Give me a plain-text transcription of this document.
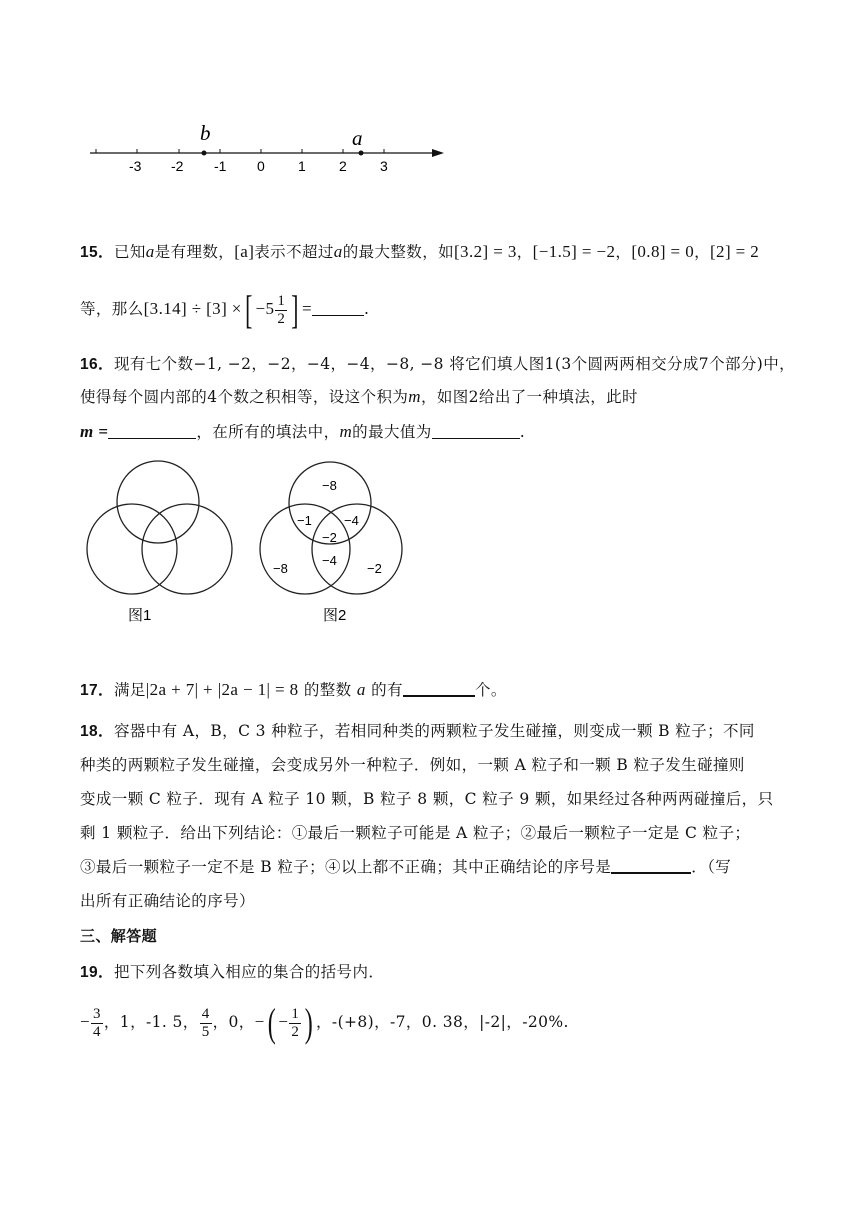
b	a
-3 -2 -1 0 1 2 3
15．已知a是有理数，[a]表示不超过a的最大整数，如[3.2] = 3，[−1.5] = −2，[0.8] = 0，[2] = 2
等，那么[3.14] ÷ [3] ×[ $-5 \frac{1}{2}$ ] =	.
16．现有七个数−1, −2，−2，−4，−4，−8, −8 将它们填人图1(3个圆两两相交分成7个部分)中，
使得每个圆内部的4个数之积相等，设这个积为m，如图2给出了一种填法，此时
m =	，在所有的填法中，m的最大值为	.
图1
−8
−1 −4
−2
−8
−4
−2
图2
17．满足|2a + 7| + |2a − 1| = 8 的整数 a 的有	个。
18．容器中有 A，B，C 3 种粒子，若相同种类的两颗粒子发生碰撞，则变成一颗 B 粒子；不同
种类的两颗粒子发生碰撞，会变成另外一种粒子．例如，一颗 A 粒子和一颗 B 粒子发生碰撞则
变成一颗 C 粒子．现有 A 粒子 10 颗，B 粒子 8 颗，C 粒子 9 颗，如果经过各种两两碰撞后，只
剩 1 颗粒子．给出下列结论：①最后一颗粒子可能是 A 粒子；②最后一颗粒子一定是 C 粒子；
③最后一颗粒子一定不是 B 粒子；④以上都不正确；其中正确结论的序号是	．（写
出所有正确结论的序号）
三、解答题
19．把下列各数填入相应的集合的括号内．
− $\frac{3}{4}$ ，1，-1. 5， $\frac{4}{5}$ ，0，−( − $\frac{1}{2}$ ) ，-(+8)，-7，0. 38，|-2|，-20%.
